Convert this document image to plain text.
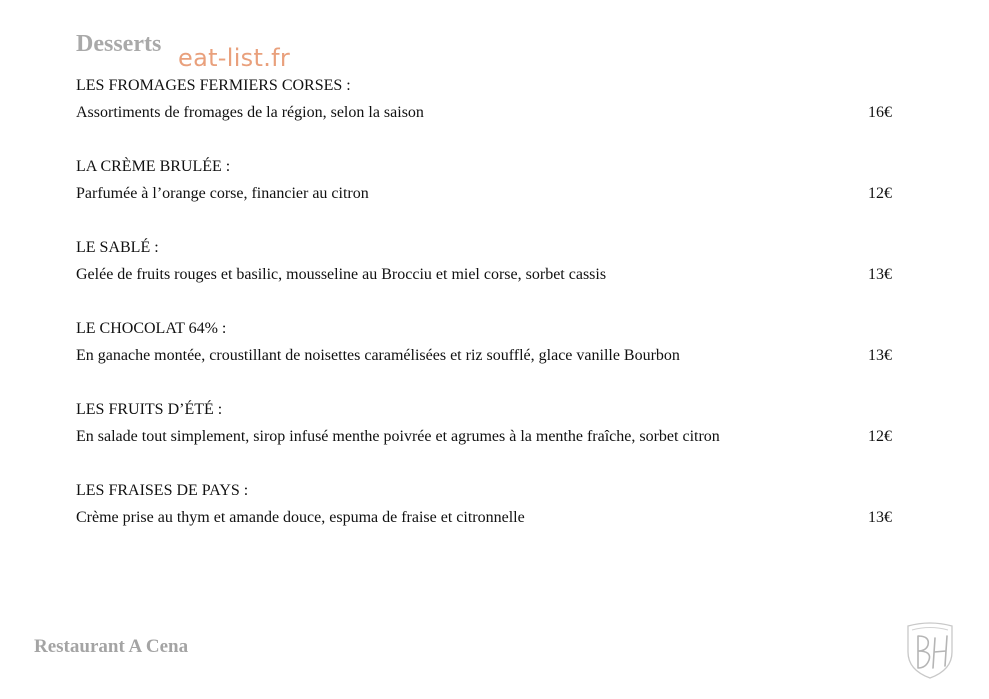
Desserts eat-list.fr
LES FROMAGES FERMIERS CORSES :
Assortiments de fromages de la région, selon la saison	16€
LA CRÈME BRULÉE :
Parfumée à l’orange corse, financier au citron	12€
LE SABLÉ :
Gelée de fruits rouges et basilic, mousseline au Brocciu et miel corse, sorbet cassis	13€
LE CHOCOLAT 64% :
En ganache montée, croustillant de noisettes caramélisées et riz soufflé, glace vanille Bourbon	13€
LES FRUITS D’ÉTÉ :
En salade tout simplement, sirop infusé menthe poivrée et agrumes à la menthe fraîche, sorbet citron	12€
LES FRAISES DE PAYS :
Crème prise au thym et amande douce, espuma de fraise et citronnelle	13€
Restaurant A Cena
